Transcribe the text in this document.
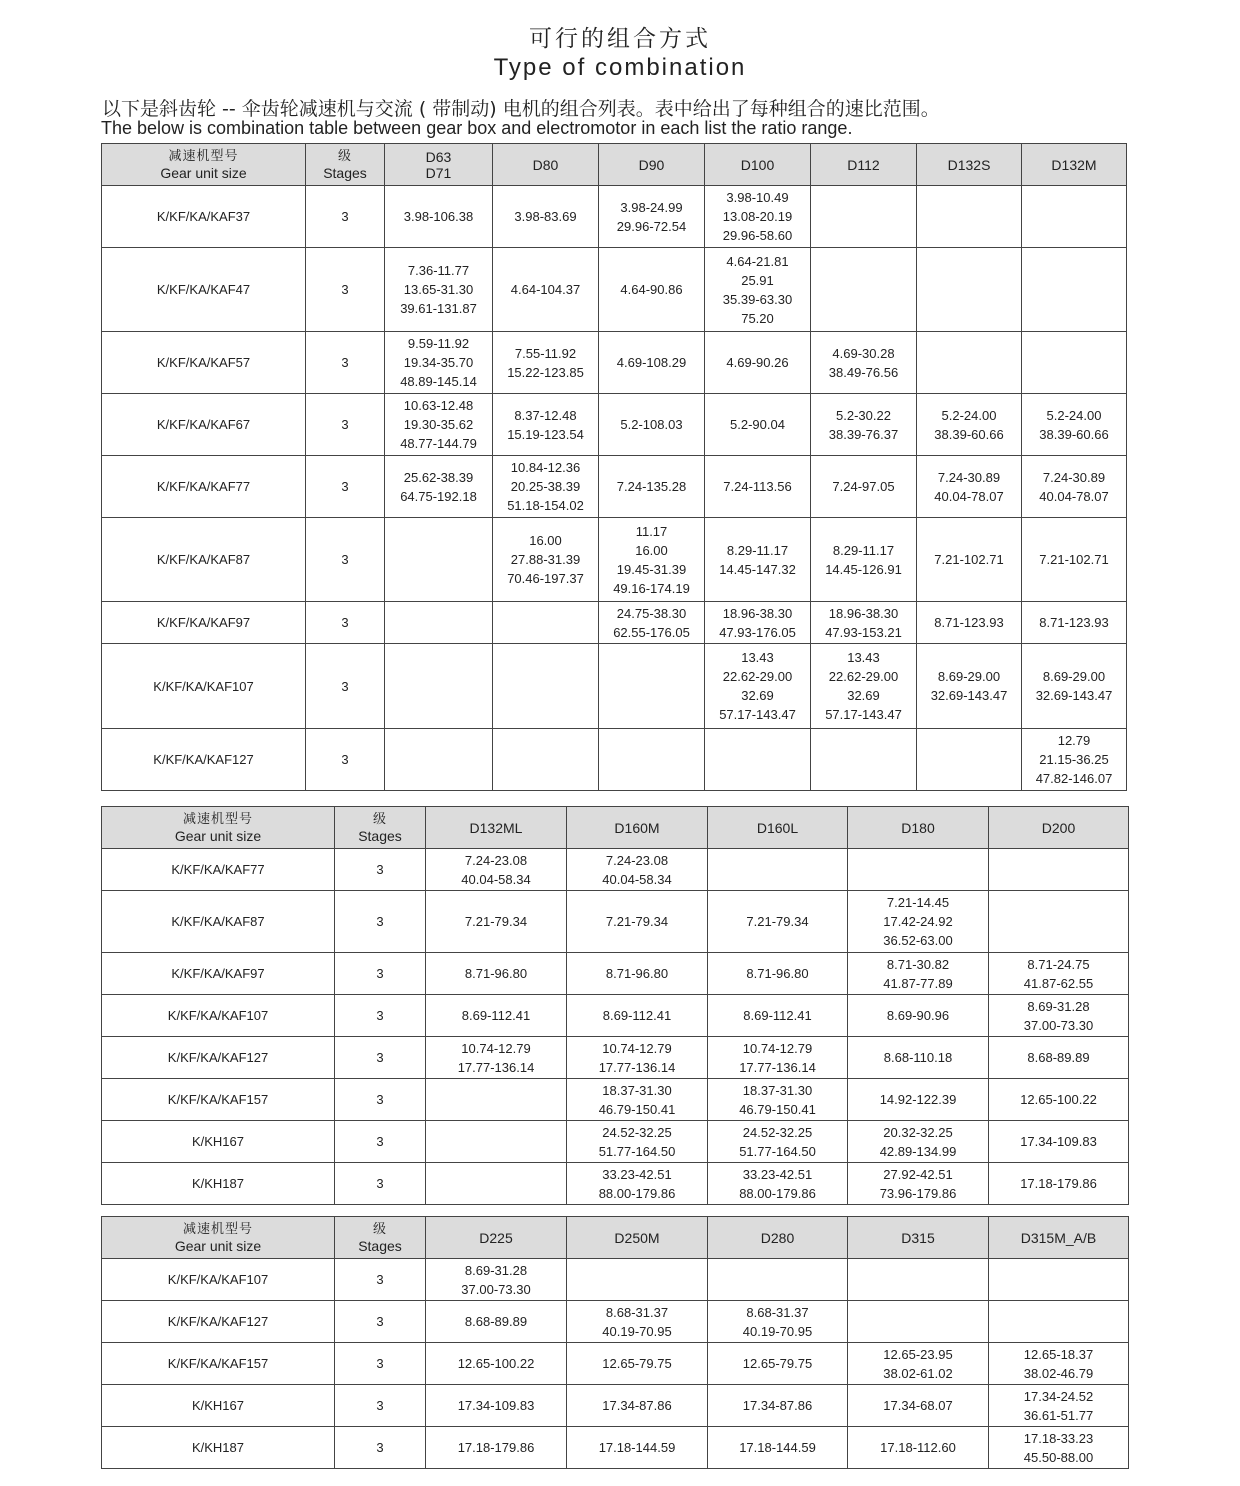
可行的组合方式
Type of combination
以下是斜齿轮 -- 伞齿轮减速机与交流 ( 带制动) 电机的组合列表。表中给出了每种组合的速比范围。
The below is combination table between gear box and electromotor in each list the ratio range.
减速机型号
Gear unit size	级
Stages	D63
D71	D80	D90	D100	D112	D132S	D132M
K/KF/KA/KAF37	3	3.98-106.38	3.98-83.69	3.98-24.99
29.96-72.54	3.98-10.49
13.08-20.19
29.96-58.60			
K/KF/KA/KAF47	3	7.36-11.77
13.65-31.30
39.61-131.87	4.64-104.37	4.64-90.86	4.64-21.81
25.91
35.39-63.30
75.20			
K/KF/KA/KAF57	3	9.59-11.92
19.34-35.70
48.89-145.14	7.55-11.92
15.22-123.85	4.69-108.29	4.69-90.26	4.69-30.28
38.49-76.56		
K/KF/KA/KAF67	3	10.63-12.48
19.30-35.62
48.77-144.79	8.37-12.48
15.19-123.54	5.2-108.03	5.2-90.04	5.2-30.22
38.39-76.37	5.2-24.00
38.39-60.66	5.2-24.00
38.39-60.66
K/KF/KA/KAF77	3	25.62-38.39
64.75-192.18	10.84-12.36
20.25-38.39
51.18-154.02	7.24-135.28	7.24-113.56	7.24-97.05	7.24-30.89
40.04-78.07	7.24-30.89
40.04-78.07
K/KF/KA/KAF87	3		16.00
27.88-31.39
70.46-197.37	11.17
16.00
19.45-31.39
49.16-174.19	8.29-11.17
14.45-147.32	8.29-11.17
14.45-126.91	7.21-102.71	7.21-102.71
K/KF/KA/KAF97	3			24.75-38.30
62.55-176.05	18.96-38.30
47.93-176.05	18.96-38.30
47.93-153.21	8.71-123.93	8.71-123.93
K/KF/KA/KAF107	3				13.43
22.62-29.00
32.69
57.17-143.47	13.43
22.62-29.00
32.69
57.17-143.47	8.69-29.00
32.69-143.47	8.69-29.00
32.69-143.47
K/KF/KA/KAF127	3							12.79
21.15-36.25
47.82-146.07
减速机型号
Gear unit size	级
Stages	D132ML	D160M	D160L	D180	D200
K/KF/KA/KAF77	3	7.24-23.08
40.04-58.34	7.24-23.08
40.04-58.34			
K/KF/KA/KAF87	3	7.21-79.34	7.21-79.34	7.21-79.34	7.21-14.45
17.42-24.92
36.52-63.00	
K/KF/KA/KAF97	3	8.71-96.80	8.71-96.80	8.71-96.80	8.71-30.82
41.87-77.89	8.71-24.75
41.87-62.55
K/KF/KA/KAF107	3	8.69-112.41	8.69-112.41	8.69-112.41	8.69-90.96	8.69-31.28
37.00-73.30
K/KF/KA/KAF127	3	10.74-12.79
17.77-136.14	10.74-12.79
17.77-136.14	10.74-12.79
17.77-136.14	8.68-110.18	8.68-89.89
K/KF/KA/KAF157	3		18.37-31.30
46.79-150.41	18.37-31.30
46.79-150.41	14.92-122.39	12.65-100.22
K/KH167	3		24.52-32.25
51.77-164.50	24.52-32.25
51.77-164.50	20.32-32.25
42.89-134.99	17.34-109.83
K/KH187	3		33.23-42.51
88.00-179.86	33.23-42.51
88.00-179.86	27.92-42.51
73.96-179.86	17.18-179.86
减速机型号
Gear unit size	级
Stages	D225	D250M	D280	D315	D315M_A/B
K/KF/KA/KAF107	3	8.69-31.28
37.00-73.30				
K/KF/KA/KAF127	3	8.68-89.89	8.68-31.37
40.19-70.95	8.68-31.37
40.19-70.95		
K/KF/KA/KAF157	3	12.65-100.22	12.65-79.75	12.65-79.75	12.65-23.95
38.02-61.02	12.65-18.37
38.02-46.79
K/KH167	3	17.34-109.83	17.34-87.86	17.34-87.86	17.34-68.07	17.34-24.52
36.61-51.77
K/KH187	3	17.18-179.86	17.18-144.59	17.18-144.59	17.18-112.60	17.18-33.23
45.50-88.00
